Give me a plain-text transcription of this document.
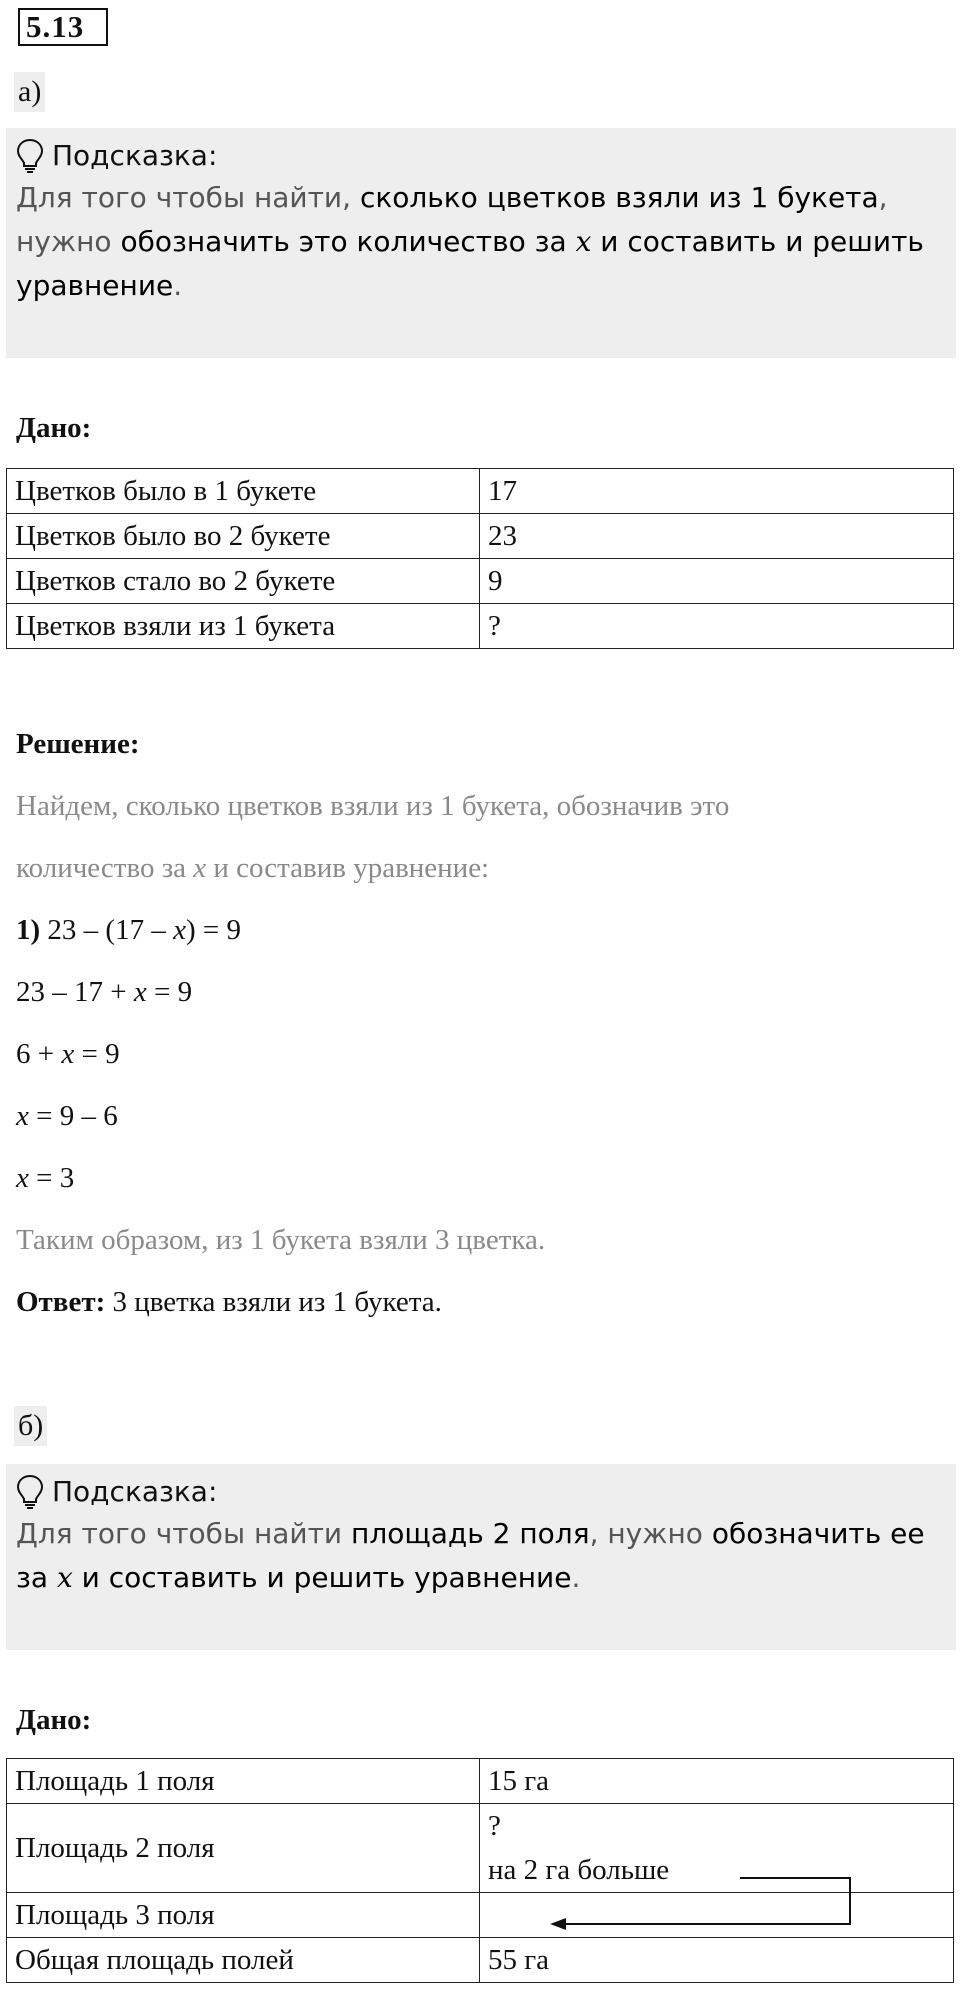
5.13
а)
Подсказка:
Для того чтобы найти, сколько цветков взяли из 1 букета,
нужно обозначить это количество за x и составить и решить
уравнение.
Дано:
Цветков было в 1 букете	17
Цветков было во 2 букете	23
Цветков стало во 2 букете	9
Цветков взяли из 1 букета	?
Решение:
Найдем, сколько цветков взяли из 1 букета, обозначив это
количество за x и составив уравнение:
1) 23 – (17 – x) = 9
23 – 17 + x = 9
6 + x = 9
x = 9 – 6
x = 3
Таким образом, из 1 букета взяли 3 цветка.
Ответ: 3 цветка взяли из 1 букета.
б)
Подсказка:
Для того чтобы найти площадь 2 поля, нужно обозначить ее
за x и составить и решить уравнение.
Дано:
Площадь 1 поля	15 га
Площадь 2 поля	?
на 2 га больше

Площадь 3 поля	
Общая площадь полей	55 га
